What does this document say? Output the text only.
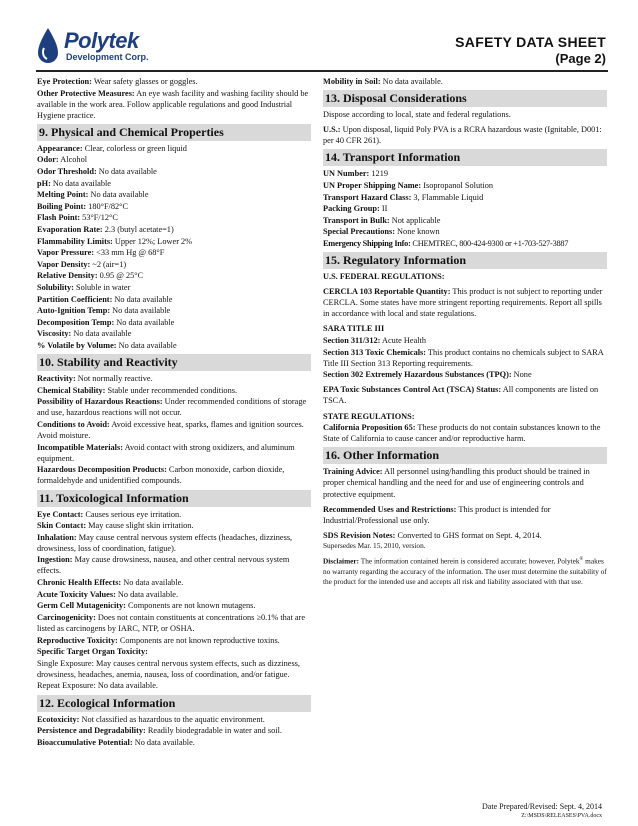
Polytek
Development Corp.
SAFETY DATA SHEET
(Page 2)
Eye Protection: Wear safety glasses or goggles.
Other Protective Measures: An eye wash facility and washing facility should be available in the work area. Follow applicable regulations and good Industrial Hygiene practice.
9. Physical and Chemical Properties
Appearance: Clear, colorless or green liquid
Odor: Alcohol
Odor Threshold: No data available
pH: No data available
Melting Point: No data available
Boiling Point: 180°F/82°C
Flash Point: 53°F/12°C
Evaporation Rate: 2.3 (butyl acetate=1)
Flammability Limits: Upper 12%; Lower 2%
Vapor Pressure: <33 mm Hg @ 68°F
Vapor Density: ~2 (air=1)
Relative Density: 0.95 @ 25°C
Solubility: Soluble in water
Partition Coefficient: No data available
Auto-Ignition Temp: No data available
Decomposition Temp: No data available
Viscosity: No data available
% Volatile by Volume: No data available
10. Stability and Reactivity
Reactivity: Not normally reactive.
Chemical Stability: Stable under recommended conditions.
Possibility of Hazardous Reactions: Under recommended conditions of storage and use, hazardous reactions will not occur.
Conditions to Avoid: Avoid excessive heat, sparks, flames and ignition sources. Avoid moisture.
Incompatible Materials: Avoid contact with strong oxidizers, and aluminum equipment.
Hazardous Decomposition Products: Carbon monoxide, carbon dioxide, formaldehyde and unidentified compounds.
11. Toxicological Information
Eye Contact: Causes serious eye irritation.
Skin Contact: May cause slight skin irritation.
Inhalation: May cause central nervous system effects (headaches, dizziness, drowsiness, loss of coordination, fatigue).
Ingestion: May cause drowsiness, nausea, and other central nervous system effects.
Chronic Health Effects: No data available.
Acute Toxicity Values: No data available.
Germ Cell Mutagenicity: Components are not known mutagens.
Carcinogenicity: Does not contain constituents at concentrations ≥0.1% that are listed as carcinogens by IARC, NTP, or OSHA.
Reproductive Toxicity: Components are not known reproductive toxins.
Specific Target Organ Toxicity:
Single Exposure: May causes central nervous system effects, such as dizziness, drowsiness, headaches, anemia, nausea, loss of coordination, and/or fatigue.
Repeat Exposure: No data available.
12. Ecological Information
Ecotoxicity: Not classified as hazardous to the aquatic environment.
Persistence and Degradability: Readily biodegradable in water and soil.
Bioaccumulative Potential: No data available.
Mobility in Soil: No data available.
13. Disposal Considerations
Dispose according to local, state and federal regulations.
U.S.: Upon disposal, liquid Poly PVA is a RCRA hazardous waste (Ignitable, D001: per 40 CFR 261).
14. Transport Information
UN Number: 1219
UN Proper Shipping Name: Isopropanol Solution
Transport Hazard Class: 3, Flammable Liquid
Packing Group: II
Transport in Bulk: Not applicable
Special Precautions: None known
Emergency Shipping Info: CHEMTREC, 800-424-9300 or +1-703-527-3887
15. Regulatory Information
U.S. FEDERAL REGULATIONS:
CERCLA 103 Reportable Quantity: This product is not subject to reporting under CERCLA. Some states have more stringent reporting requirements. Report all spills in accordance with local and state regulations.
SARA TITLE III
Section 311/312: Acute Health
Section 313 Toxic Chemicals: This product contains no chemicals subject to SARA Title III Section 313 Reporting requirements.
Section 302 Extremely Hazardous Substances (TPQ): None
EPA Toxic Substances Control Act (TSCA) Status: All components are listed on TSCA.
STATE REGULATIONS:
California Proposition 65: These products do not contain substances known to the State of California to cause cancer and/or reproductive harm.
16. Other Information
Training Advice: All personnel using/handling this product should be trained in proper chemical handling and the need for and use of engineering controls and protective equipment.
Recommended Uses and Restrictions: This product is intended for Industrial/Professional use only.
SDS Revision Notes: Converted to GHS format on Sept. 4, 2014.
Supersedes Mar. 15, 2010, version.
Disclaimer: The information contained herein is considered accurate; however, Polytek® makes no warranty regarding the accuracy of the information. The user must determine the suitability of the product for the intended use and accepts all risk and liability associated with that use.
Date Prepared/Revised: Sept. 4, 2014
Z:\MSDS\RELEASES\PVA.docx
